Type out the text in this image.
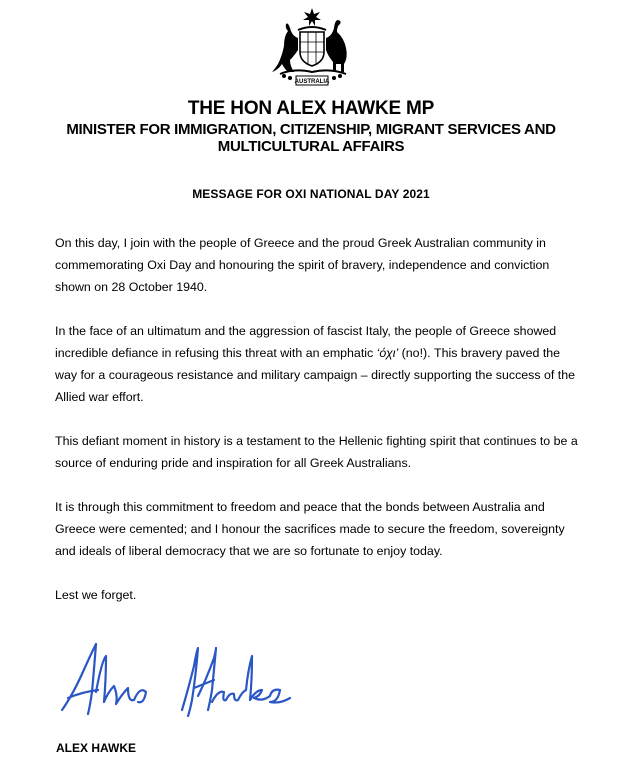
AUSTRALIA
THE HON ALEX HAWKE MP
MINISTER FOR IMMIGRATION, CITIZENSHIP, MIGRANT SERVICES AND
MULTICULTURAL AFFAIRS
MESSAGE FOR OXI NATIONAL DAY 2021

On this day, I join with the people of Greece and the proud Greek Australian community in commemorating Oxi Day and honouring the spirit of bravery, independence and conviction shown on 28 October 1940.

In the face of an ultimatum and the aggression of fascist Italy, the people of Greece showed incredible defiance in refusing this threat with an emphatic ‘όχι’ (no!). This bravery paved the way for a courageous resistance and military campaign – directly supporting the success of the Allied war effort.

This defiant moment in history is a testament to the Hellenic fighting spirit that continues to be a source of enduring pride and inspiration for all Greek Australians.

It is through this commitment to freedom and peace that the bonds between Australia and Greece were cemented; and I honour the sacrifices made to secure the freedom, sovereignty and ideals of liberal democracy that we are so fortunate to enjoy today.

Lest we forget.

ALEX HAWKE
